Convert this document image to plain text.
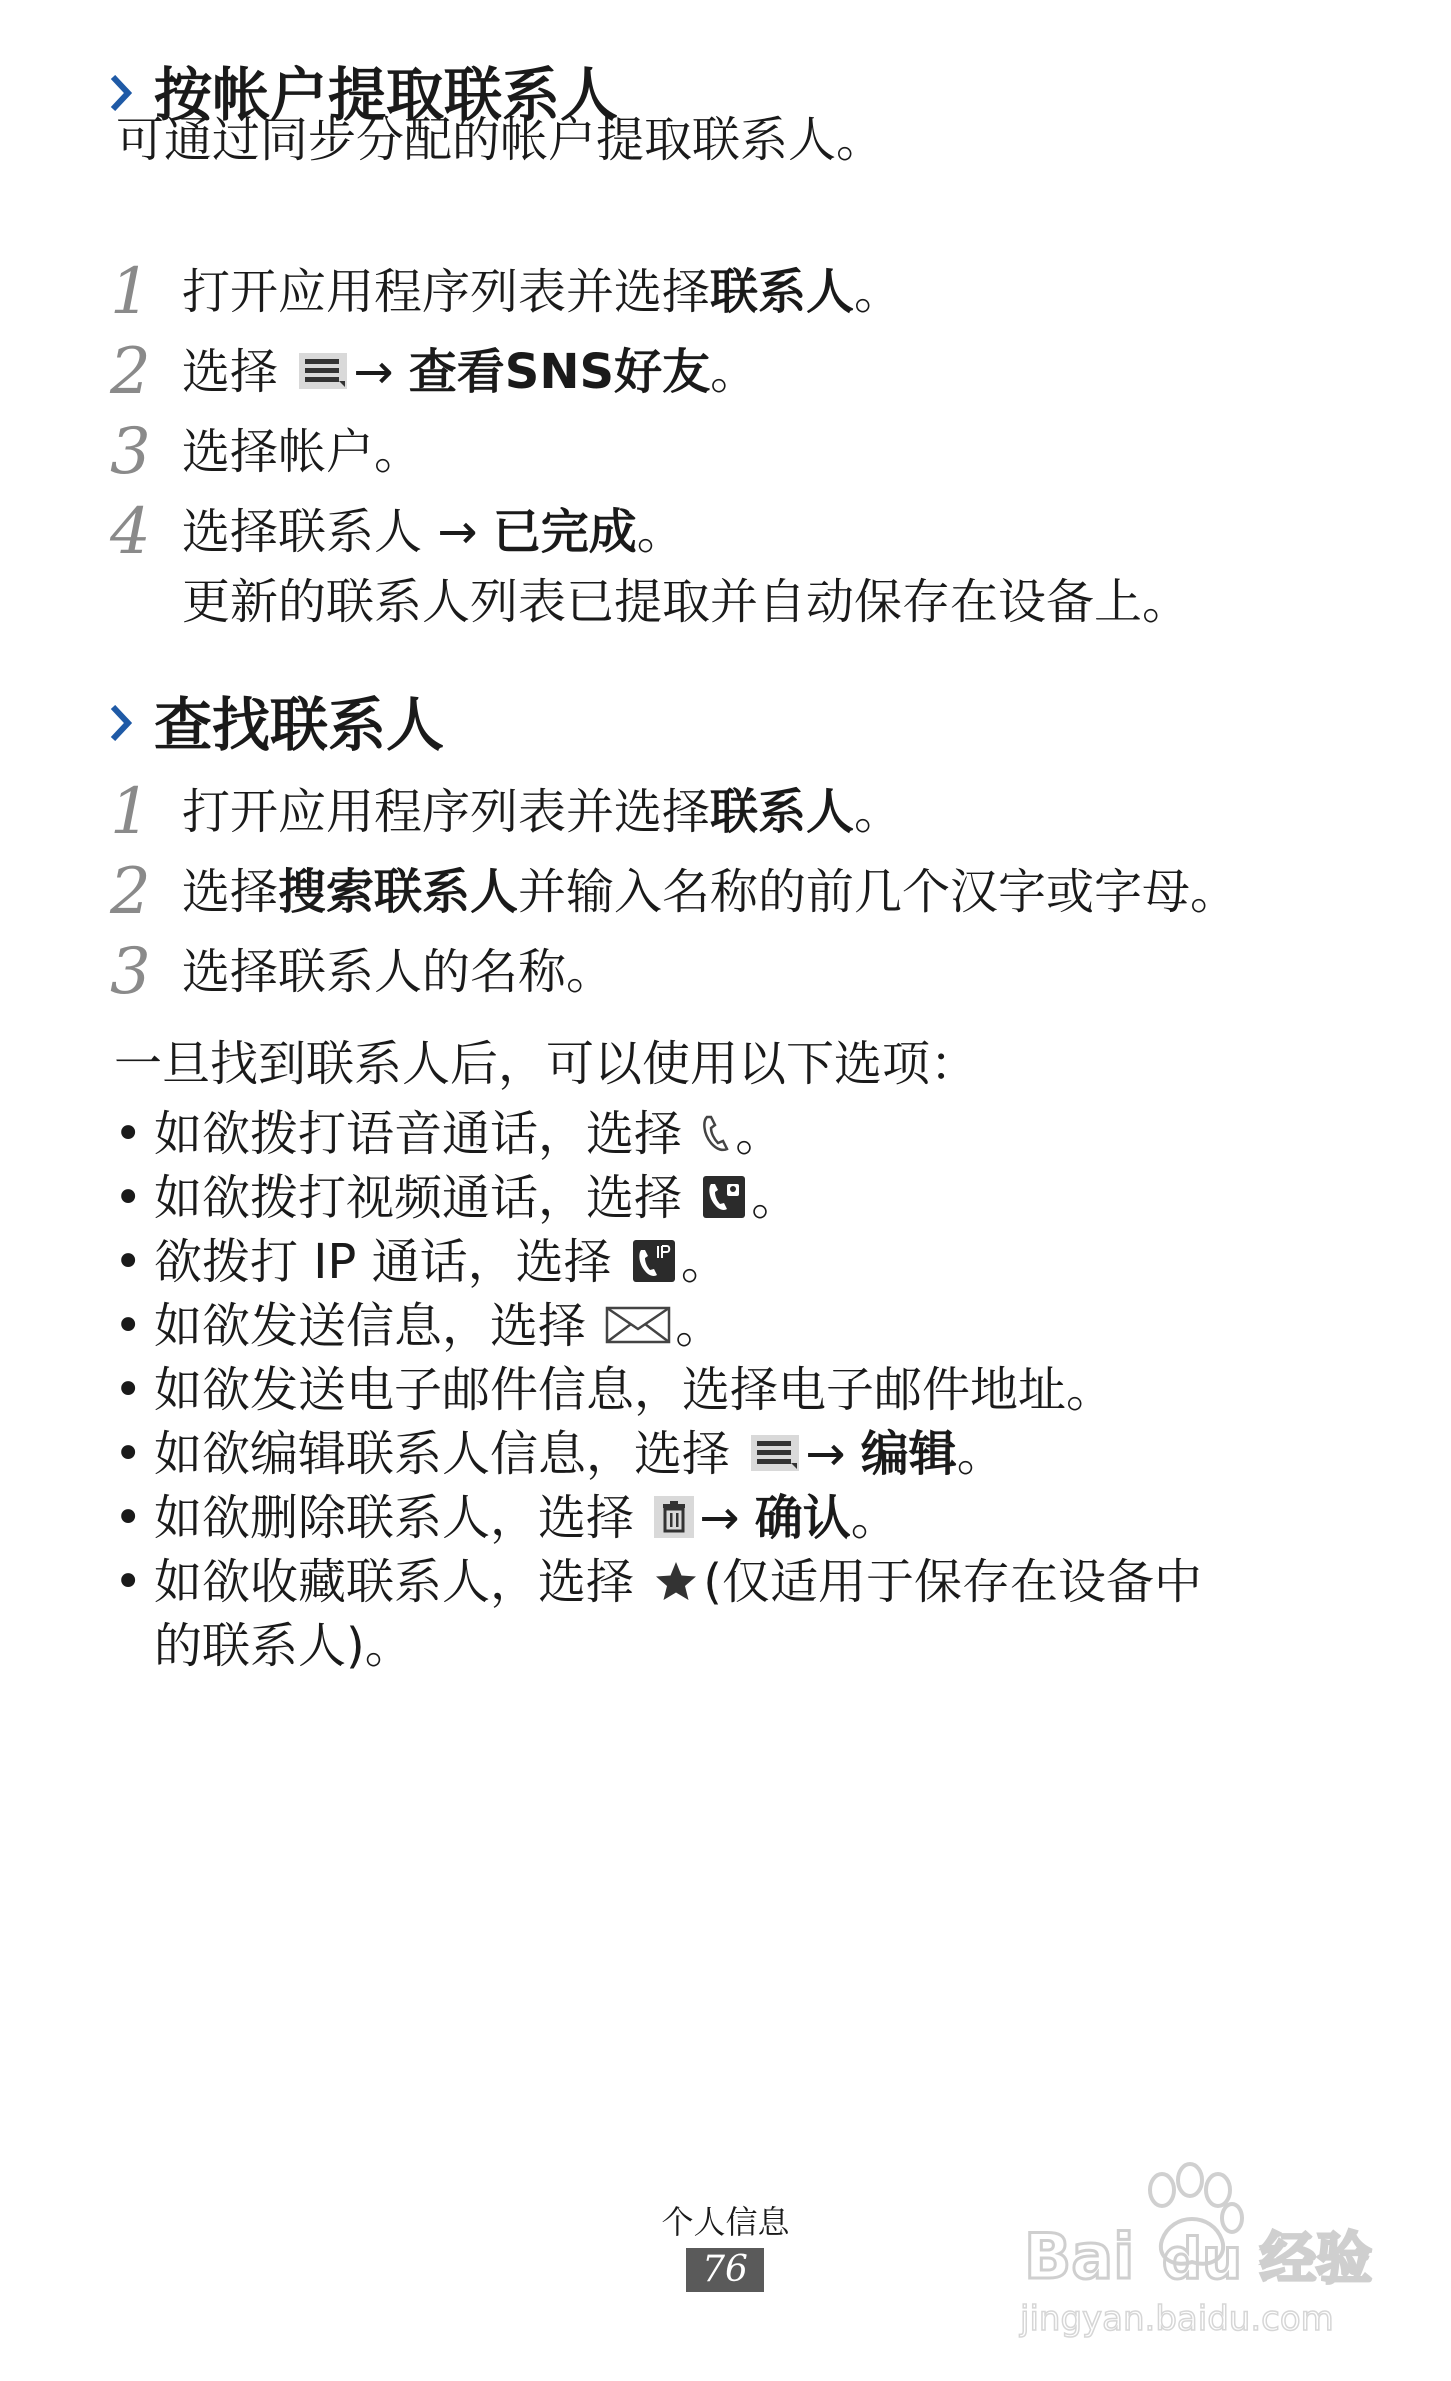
按帐户提取联系人
可通过同步分配的帐户提取联系人。
1 打开应用程序列表并选择联系人。
2 选择 → 查看SNS好友。
3 选择帐户。
4 选择联系人 → 已完成。
更新的联系人列表已提取并自动保存在设备上。
查找联系人
1 打开应用程序列表并选择联系人。
2 选择搜索联系人并输入名称的前几个汉字或字母。
3 选择联系人的名称。
一旦找到联系人后，可以使用以下选项：
• 如欲拨打语音通话，选择 。
• 如欲拨打视频通话，选择 。
• 欲拨打 IP 通话，选择 。
• 如欲发送信息，选择 。
• 如欲发送电子邮件信息，选择电子邮件地址。
• 如欲编辑联系人信息，选择 → 编辑。
• 如欲删除联系人，选择 → 确认。
• 如欲收藏联系人，选择 (仅适用于保存在设备中
的联系人)。
个人信息
76	Bai du 经验
jingyan.baidu.com
